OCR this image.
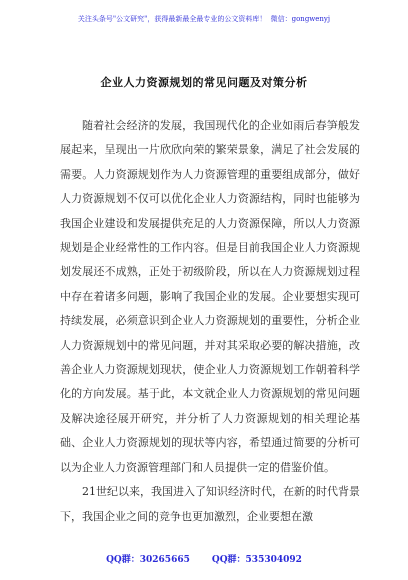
关注头条号"公文研究"，获得最新最全最专业的公文资料库！ 微信：gongwenyj
企业人力资源规划的常见问题及对策分析

随着社会经济的发展，我国现代化的企业如雨后春笋般发展起来，呈现出一片欣欣向荣的繁荣景象，满足了社会发展的需要。人力资源规划作为人力资源管理的重要组成部分，做好人力资源规划不仅可以优化企业人力资源结构，同时也能够为我国企业建设和发展提供充足的人力资源保障，所以人力资源规划是企业经常性的工作内容。但是目前我国企业人力资源规划发展还不成熟，正处于初级阶段，所以在人力资源规划过程中存在着诸多问题，影响了我国企业的发展。企业要想实现可持续发展，必须意识到企业人力资源规划的重要性，分析企业人力资源规划中的常见问题，并对其采取必要的解决措施，改善企业人力资源规划现状，使企业人力资源规划工作朝着科学化的方向发展。基于此，本文就企业人力资源规划的常见问题及解决途径展开研究，并分析了人力资源规划的相关理论基础、企业人力资源规划的现状等内容，希望通过简要的分析可以为企业人力资源管理部门和人员提供一定的借鉴价值。

21世纪以来，我国进入了知识经济时代，在新的时代背景下，我国企业之间的竞争也更加激烈，企业要想在激

QQ群：30265665 QQ群：535304092
